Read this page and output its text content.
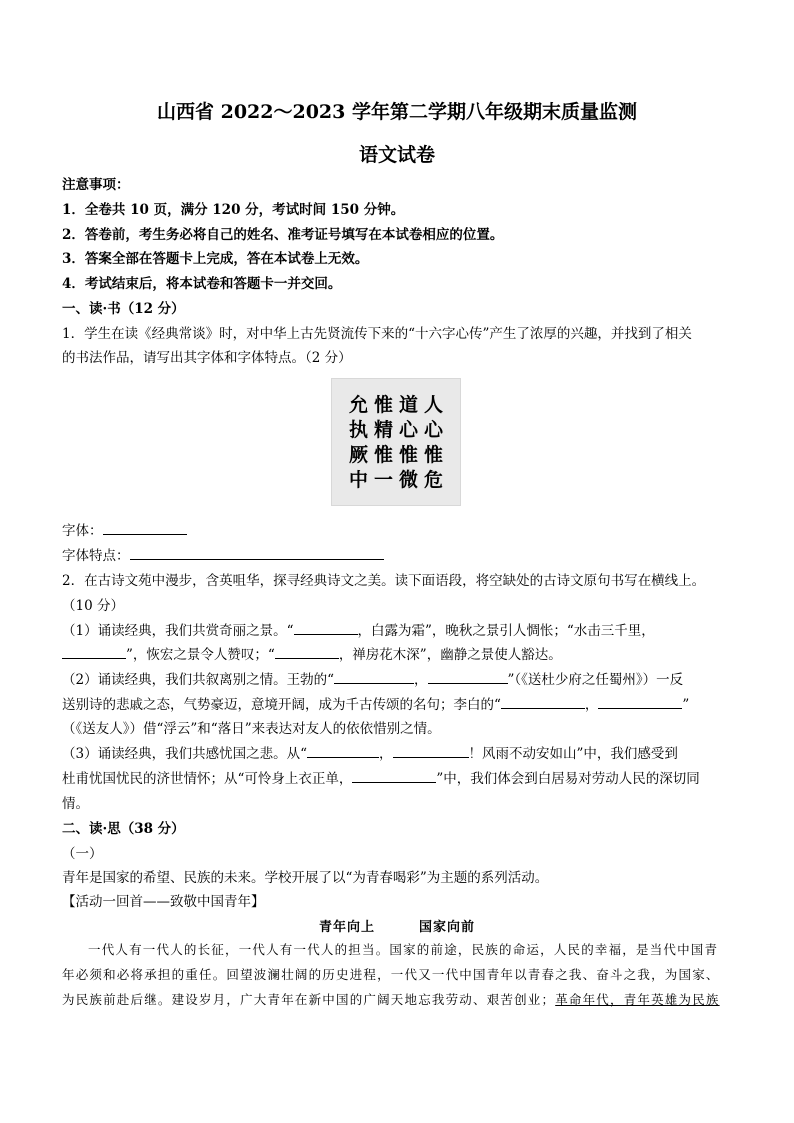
山西省 2022～2023 学年第二学期八年级期末质量监测
语文试卷
注意事项：
1．全卷共 10 页，满分 120 分，考试时间 150 分钟。
2．答卷前，考生务必将自己的姓名、准考证号填写在本试卷相应的位置。
3．答案全部在答题卡上完成，答在本试卷上无效。
4．考试结束后，将本试卷和答题卡一并交回。
一、读·书（12 分）
1．学生在读《经典常谈》时，对中华上古先贤流传下来的“十六字心传”产生了浓厚的兴趣，并找到了相关
的书法作品，请写出其字体和字体特点。（2 分）
允 惟 道 人
执 精 心 心
厥 惟 惟 惟
中 一 微 危
字体：
字体特点：
2．在古诗文苑中漫步，含英咀华，探寻经典诗文之美。读下面语段，将空缺处的古诗文原句书写在横线上。
（10 分）
（1）诵读经典，我们共赏奇丽之景。“	，白露为霜”，晚秋之景引人惆怅；“水击三千里，
”，恢宏之景令人赞叹；“	，禅房花木深”，幽静之景使人豁达。
（2）诵读经典，我们共叙离别之情。王勃的“	，	”（《送杜少府之任蜀州》）一反
送别诗的悲戚之态，气势豪迈，意境开阔，成为千古传颂的名句；李白的“	，	”
（《送友人》）借“浮云”和“落日”来表达对友人的依依惜别之情。
（3）诵读经典，我们共感忧国之悲。从“	，	！风雨不动安如山”中，我们感受到
杜甫忧国忧民的济世情怀；从“可怜身上衣正单，	”中，我们体会到白居易对劳动人民的深切同
情。
二、读·思（38 分）
（一）
青年是国家的希望、民族的未来。学校开展了以“为青春喝彩”为主题的系列活动。
【活动一回首——致敬中国青年】
青年向上	国家向前
一代人有一代人的长征，一代人有一代人的担当。国家的前途，民族的命运，人民的幸福，是当代中国青
年必须和必将承担的重任。回望波澜壮阔的历史进程，一代又一代中国青年以青春之我、奋斗之我，为国家、
为民族前赴后继。建设岁月，广大青年在新中国的广阔天地忘我劳动、艰苦创业；革命年代，青年英雄为民族
